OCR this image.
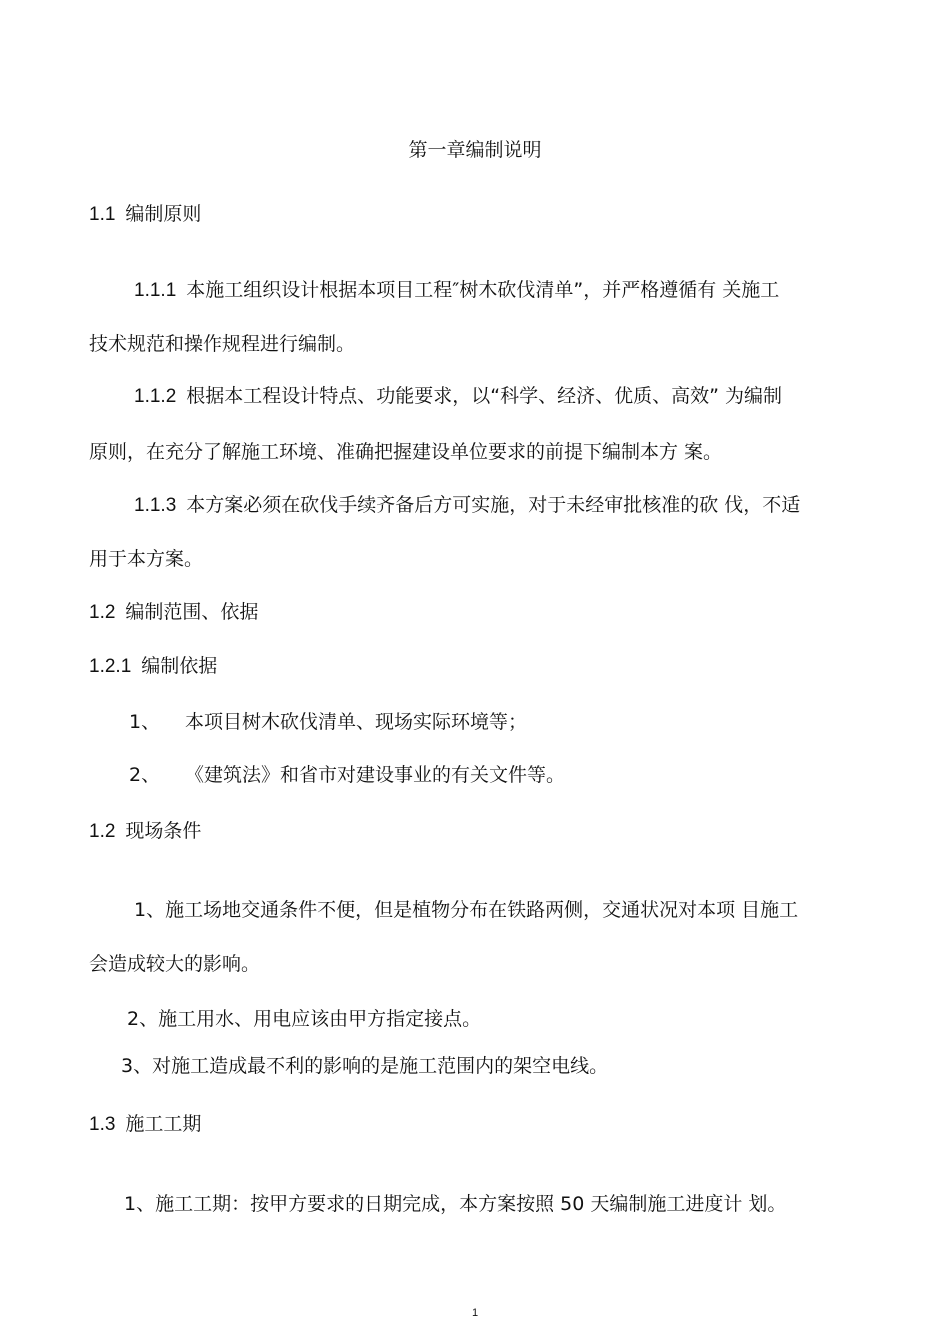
第一章编制说明
1.1 编制原则
1.1.1 本施工组织设计根据本项目工程″树木砍伐清单”，并严格遵循有 关施工
技术规范和操作规程进行编制。
1.1.2 根据本工程设计特点、功能要求，以“科学、经济、优质、高效” 为编制
原则，在充分了解施工环境、准确把握建设单位要求的前提下编制本方 案。
1.1.3 本方案必须在砍伐手续齐备后方可实施，对于未经审批核准的砍 伐，不适
用于本方案。
1.2 编制范围、依据
1.2.1 编制依据
1、 本项目树木砍伐清单、现场实际环境等；
2、 《建筑法》和省市对建设事业的有关文件等。
1.2 现场条件
1、施工场地交通条件不便，但是植物分布在铁路两侧，交通状况对本项 目施工
会造成较大的影响。
2、施工用水、用电应该由甲方指定接点。
3、对施工造成最不利的影响的是施工范围内的架空电线。
1.3 施工工期
1、施工工期：按甲方要求的日期完成，本方案按照 50 天编制施工进度计 划。
1
